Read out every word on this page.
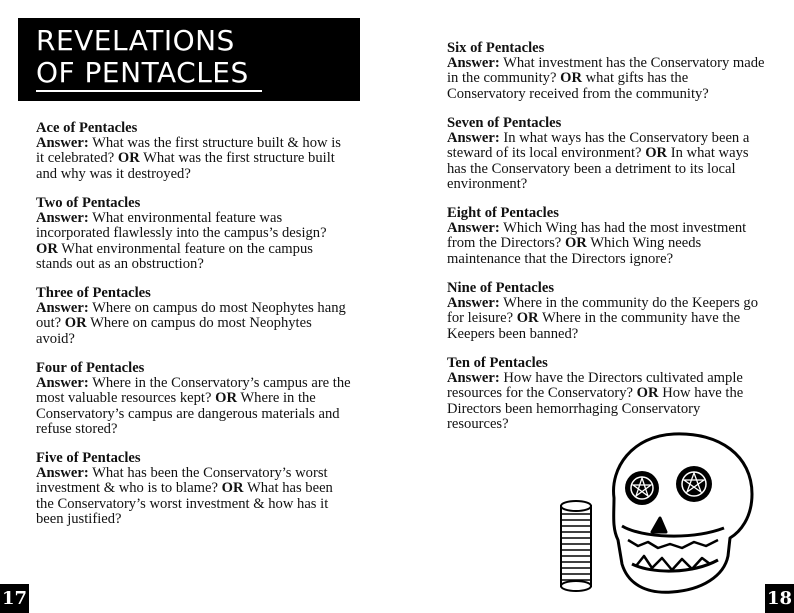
REVELATIONS
OF PENTACLES
Ace of Pentacles
Answer: What was the first structure built & how is it celebrated? OR What was the first structure built and why was it destroyed?
Two of Pentacles
Answer: What environmental feature was incorporated flawlessly into the campus’s design? OR What environmental feature on the campus stands out as an obstruction?
Three of Pentacles
Answer: Where on campus do most Neophytes hang out? OR Where on campus do most Neophytes avoid?
Four of Pentacles
Answer: Where in the Conservatory’s campus are the most valuable resources kept? OR Where in the Conservatory’s campus are dangerous materials and refuse stored?
Five of Pentacles
Answer: What has been the Conservatory’s worst investment & who is to blame? OR What has been the Conservatory’s worst investment & how has it been justified?
Six of Pentacles
Answer: What investment has the Conservatory made in the community? OR what gifts has the Conservatory received from the community?
Seven of Pentacles
Answer: In what ways has the Conservatory been a steward of its local environment? OR In what ways has the Conservatory been a detriment to its local environment?
Eight of Pentacles
Answer: Which Wing has had the most investment from the Directors? OR Which Wing needs maintenance that the Directors ignore?
Nine of Pentacles
Answer: Where in the community do the Keepers go for leisure? OR Where in the community have the Keepers been banned?
Ten of Pentacles
Answer: How have the Directors cultivated ample resources for the Conservatory? OR How have the Directors been hemorrhaging Conservatory resources?
17	18
